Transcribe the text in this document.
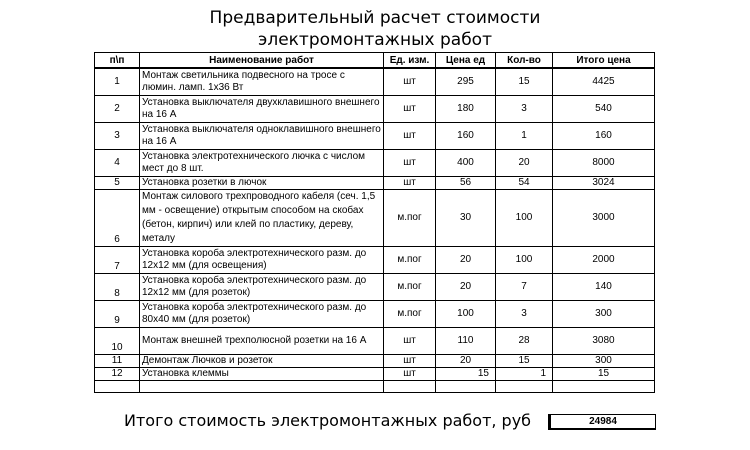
Предварительный расчет стоимости
электромонтажных работ
п\п	Наименование работ	Ед. изм.	Цена ед	Кол-во	Итого цена
1	Монтаж светильника подвесного на тросе с люмин. ламп. 1х36 Вт	шт	295	15	4425
2	Установка выключателя двухклавишного внешнего на 16 А	шт	180	3	540
3	Установка выключателя одноклавишного внешнего на 16 А	шт	160	1	160
4	Установка электротехнического лючка с числом мест до 8 шт.	шт	400	20	8000
5	Установка розетки в лючок	шт	56	54	3024
6	Монтаж силового трехпроводного кабеля (сеч. 1,5 мм - освещение) открытым способом на скобах (бетон, кирпич) или клей по пластику, дереву, металу	м.пог	30	100	3000
7	Установка короба электротехнического разм. до 12х12 мм (для освещения)	м.пог	20	100	2000
8	Установка короба электротехнического разм. до 12х12 мм (для розеток)	м.пог	20	7	140
9	Установка короба электротехнического разм. до 80х40 мм (для розеток)	м.пог	100	3	300
10	Монтаж внешней трехполюсной розетки на 16 А	шт	110	28	3080
11	Демонтаж Лючков и розеток	шт	20	15	300
12	Установка клеммы	шт	15	1	15

Итого стоимость электромонтажных работ, руб	24984
